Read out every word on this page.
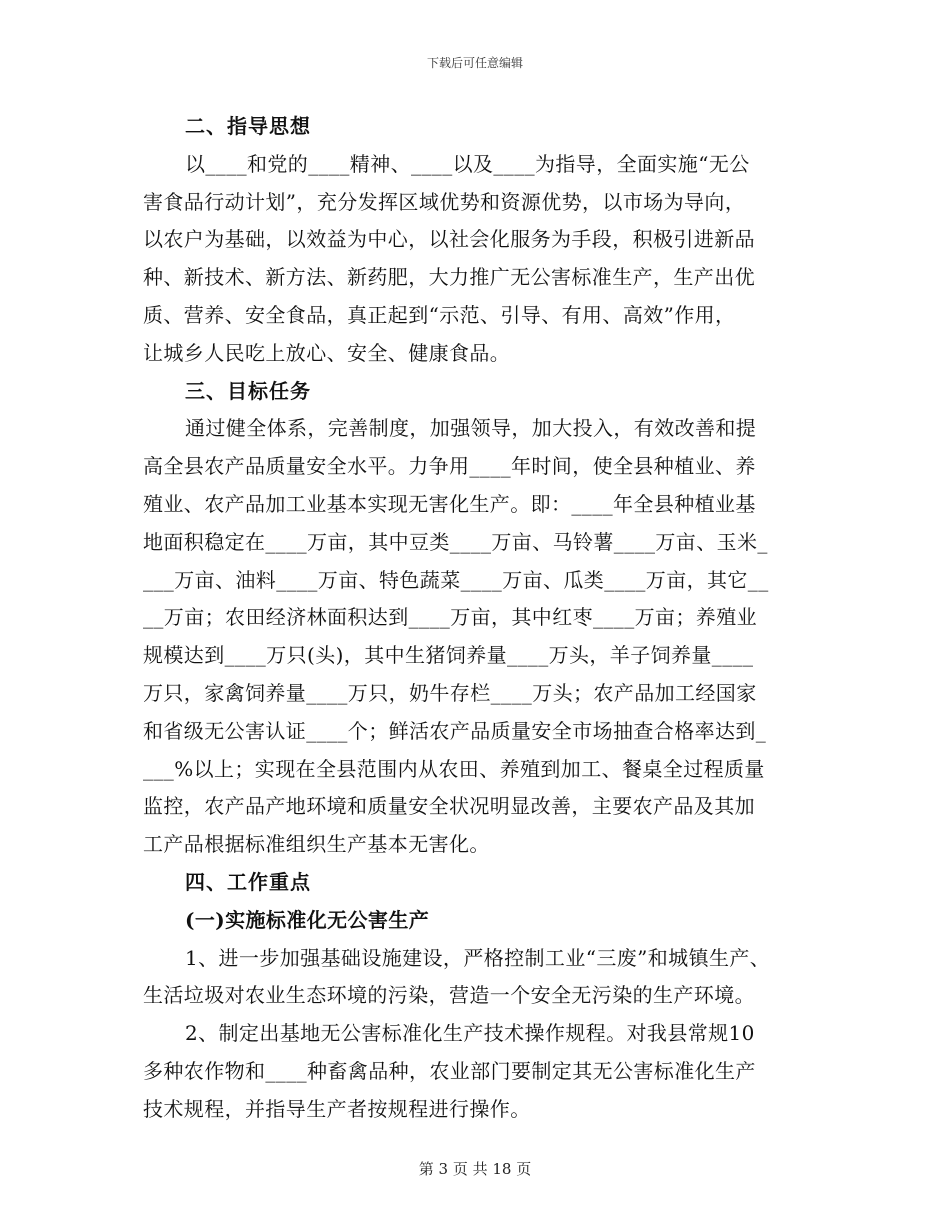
下载后可任意编辑
二、指导思想
以____和党的____精神、____以及____为指导，全面实施“无公
害食品行动计划”，充分发挥区域优势和资源优势，以市场为导向，
以农户为基础，以效益为中心，以社会化服务为手段，积极引进新品
种、新技术、新方法、新药肥，大力推广无公害标准生产，生产出优
质、营养、安全食品，真正起到“示范、引导、有用、高效”作用，
让城乡人民吃上放心、安全、健康食品。
三、目标任务
通过健全体系，完善制度，加强领导，加大投入，有效改善和提
高全县农产品质量安全水平。力争用____年时间，使全县种植业、养
殖业、农产品加工业基本实现无害化生产。即：____年全县种植业基
地面积稳定在____万亩，其中豆类____万亩、马铃薯____万亩、玉米_
___万亩、油料____万亩、特色蔬菜____万亩、瓜类____万亩，其它__
__万亩；农田经济林面积达到____万亩，其中红枣____万亩；养殖业
规模达到____万只(头)，其中生猪饲养量____万头，羊子饲养量____
万只，家禽饲养量____万只，奶牛存栏____万头；农产品加工经国家
和省级无公害认证____个；鲜活农产品质量安全市场抽查合格率达到_
___%以上；实现在全县范围内从农田、养殖到加工、餐桌全过程质量
监控，农产品产地环境和质量安全状况明显改善，主要农产品及其加
工产品根据标准组织生产基本无害化。
四、工作重点
(一)实施标准化无公害生产
1、进一步加强基础设施建设，严格控制工业“三废”和城镇生产、
生活垃圾对农业生态环境的污染，营造一个安全无污染的生产环境。
2、制定出基地无公害标准化生产技术操作规程。对我县常规10
多种农作物和____种畜禽品种，农业部门要制定其无公害标准化生产
技术规程，并指导生产者按规程进行操作。
第 3 页 共 18 页
